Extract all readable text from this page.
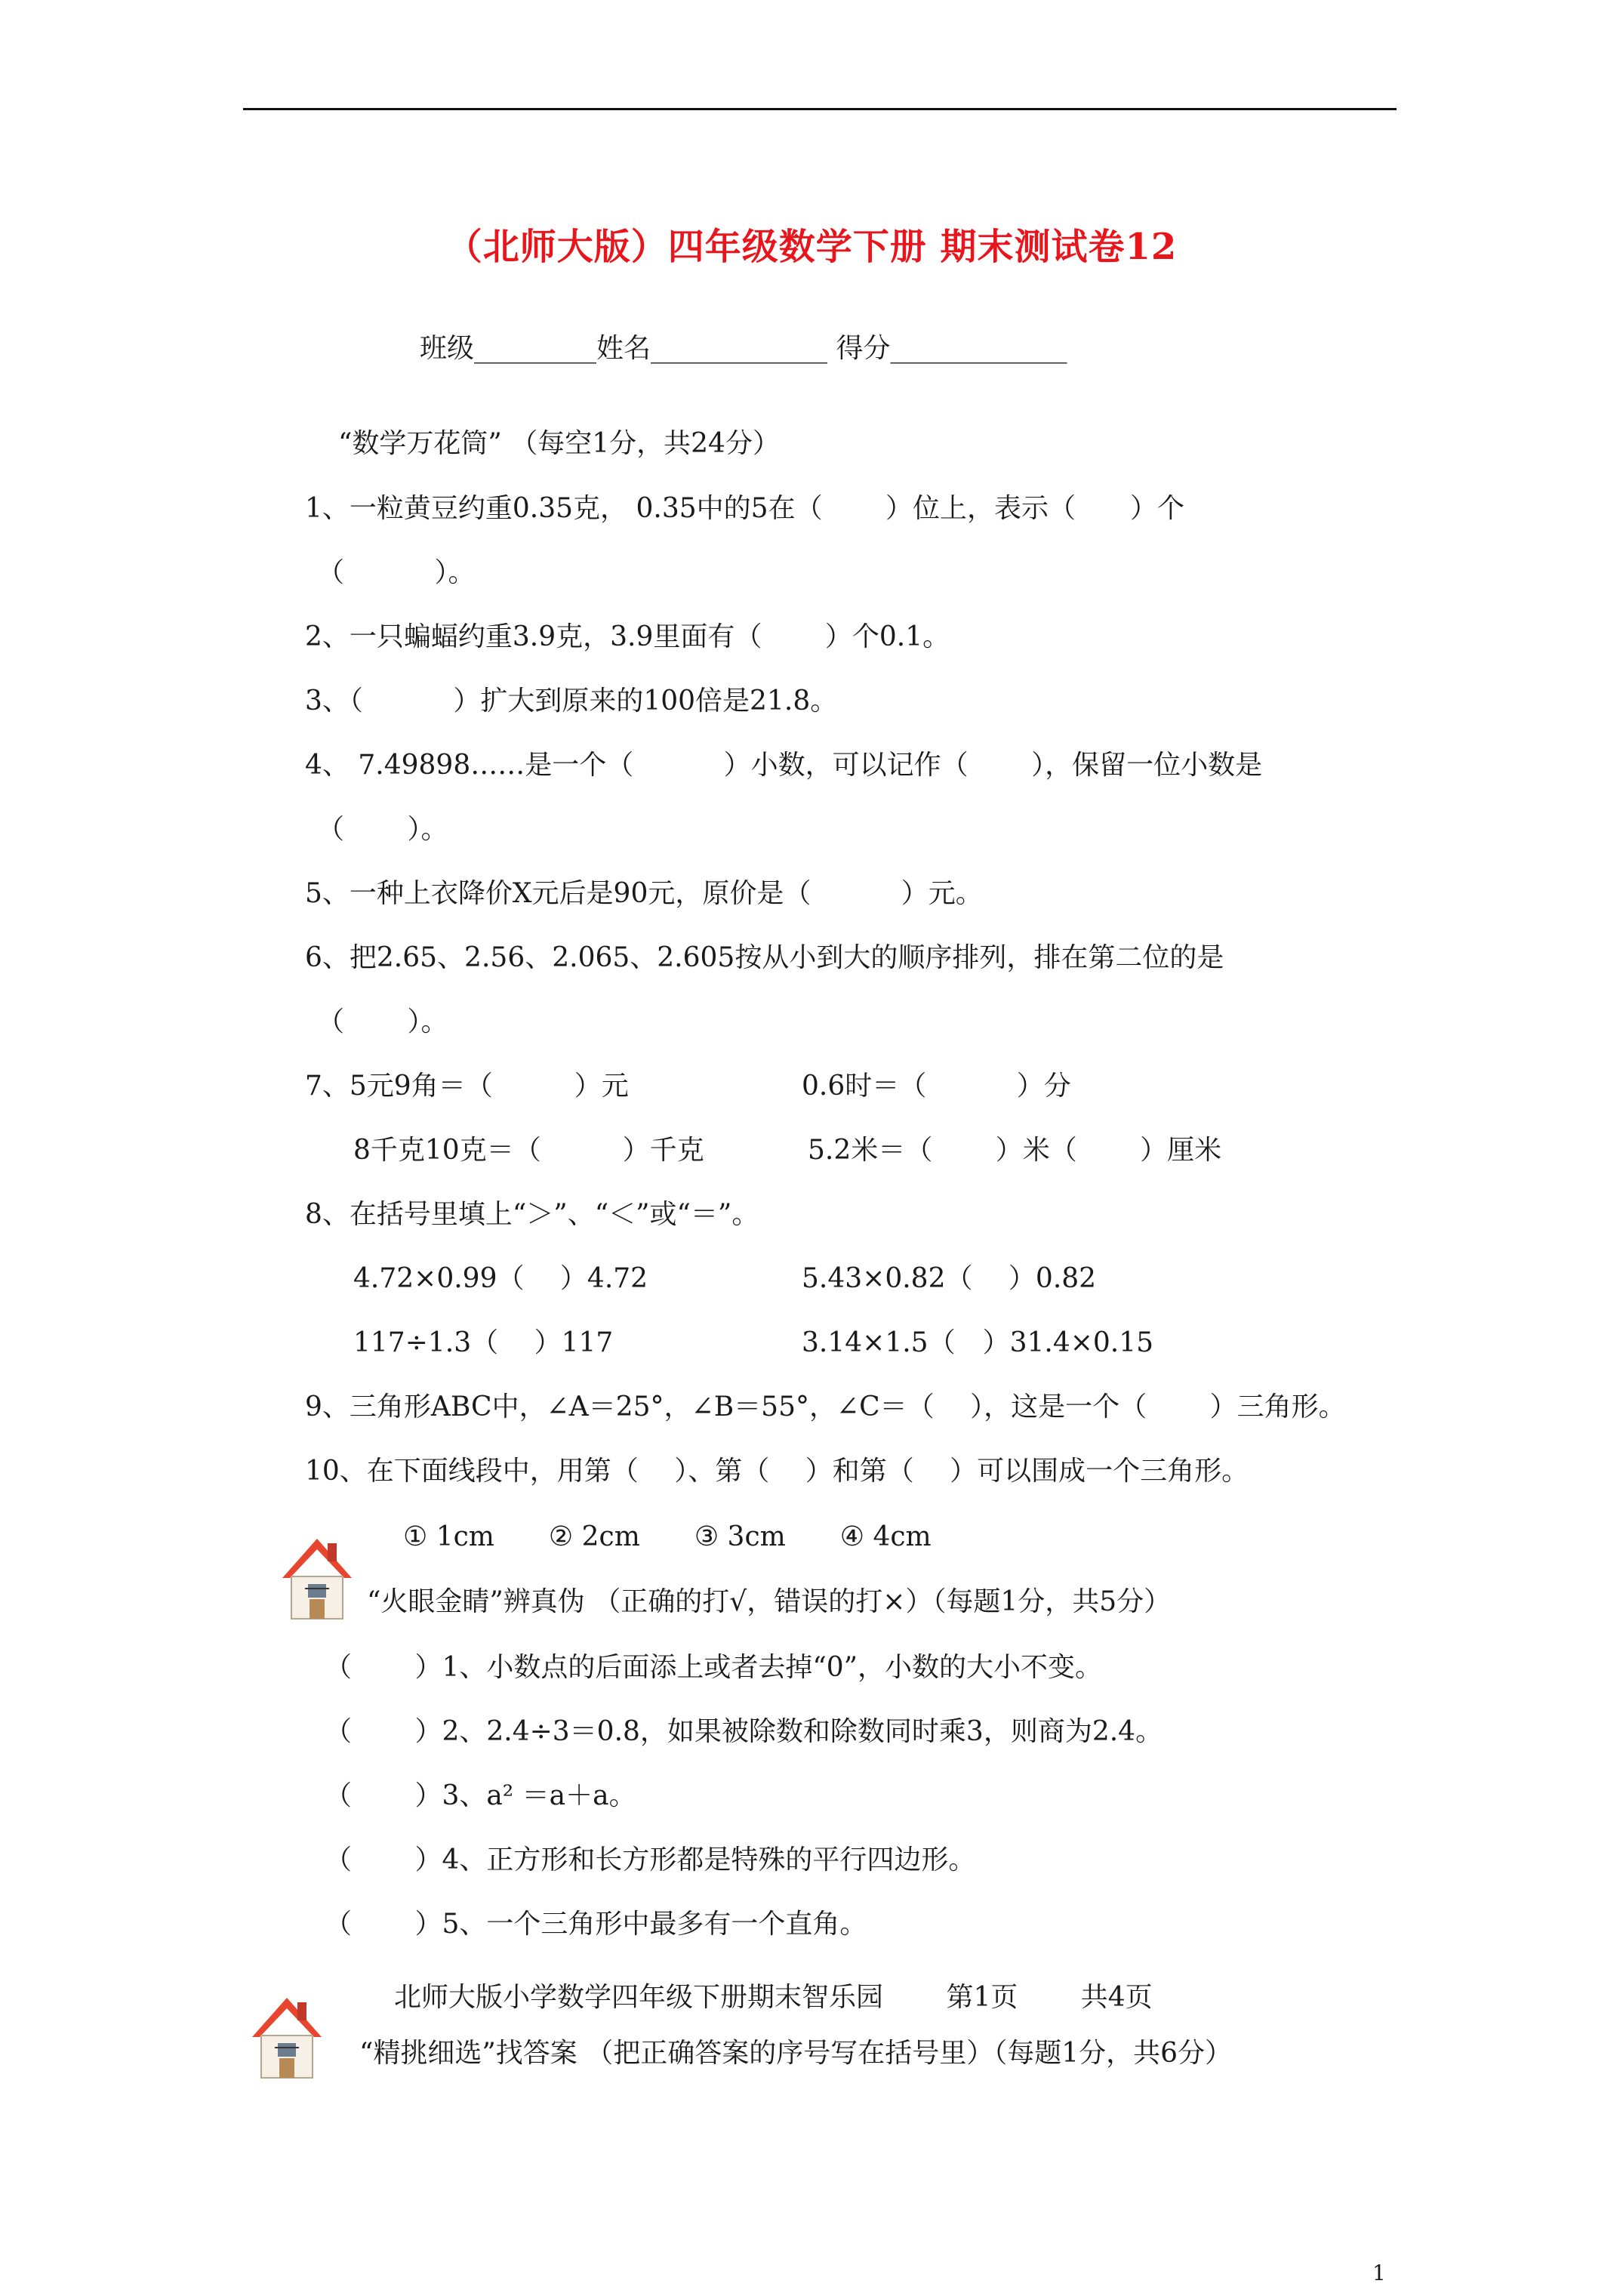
（北师大版）四年级数学下册 期末测试卷12
班级_________姓名_____________ 得分_____________
“数学万花筒” （每空1分，共24分）
1、一粒黄豆约重0.35克， 0.35中的5在（　　 ）位上，表示（　　）个
（　　　 ）。
2、一只蝙蝠约重3.9克，3.9里面有（　　 ）个0.1。
3、（　　　 ）扩大到原来的100倍是21.8。
4、 7.49898……是一个（　　　 ）小数，可以记作（　　 ），保留一位小数是
（　　 ）。
5、一种上衣降价X元后是90元，原价是（　　　 ）元。
6、把2.65、2.56、2.065、2.605按从小到大的顺序排列，排在第二位的是
（　　 ）。
7、5元9角＝（　　　）元	0.6时＝（　　　 ）分
8千克10克＝（　　　）千克	5.2米＝（　　 ）米（　　 ）厘米
8、在括号里填上“＞”、“＜”或“＝”。
4.72×0.99（　 ）4.72	5.43×0.82（　 ）0.82
117÷1.3（　 ）117	3.14×1.5（　）31.4×0.15
9、三角形ABC中，∠A＝25°，∠B＝55°，∠C＝（　 ），这是一个（　　 ）三角形。
10、在下面线段中，用第（　 ）、第（　 ）和第（　 ）可以围成一个三角形。
① 1cm　　② 2cm　　③ 3cm　　④ 4cm
“火眼金睛”辨真伪 （正确的打√，错误的打×）（每题1分，共5分）
（　　 ）1、小数点的后面添上或者去掉“0”，小数的大小不变。
（　　 ）2、2.4÷3＝0.8，如果被除数和除数同时乘3，则商为2.4。
（　　 ）3、a² ＝a＋a。
（　　 ）4、正方形和长方形都是特殊的平行四边形。
（　　 ）5、一个三角形中最多有一个直角。
北师大版小学数学四年级下册期末智乐园　　 第1页　　 共4页
“精挑细选”找答案 （把正确答案的序号写在括号里）（每题1分，共6分）
1
